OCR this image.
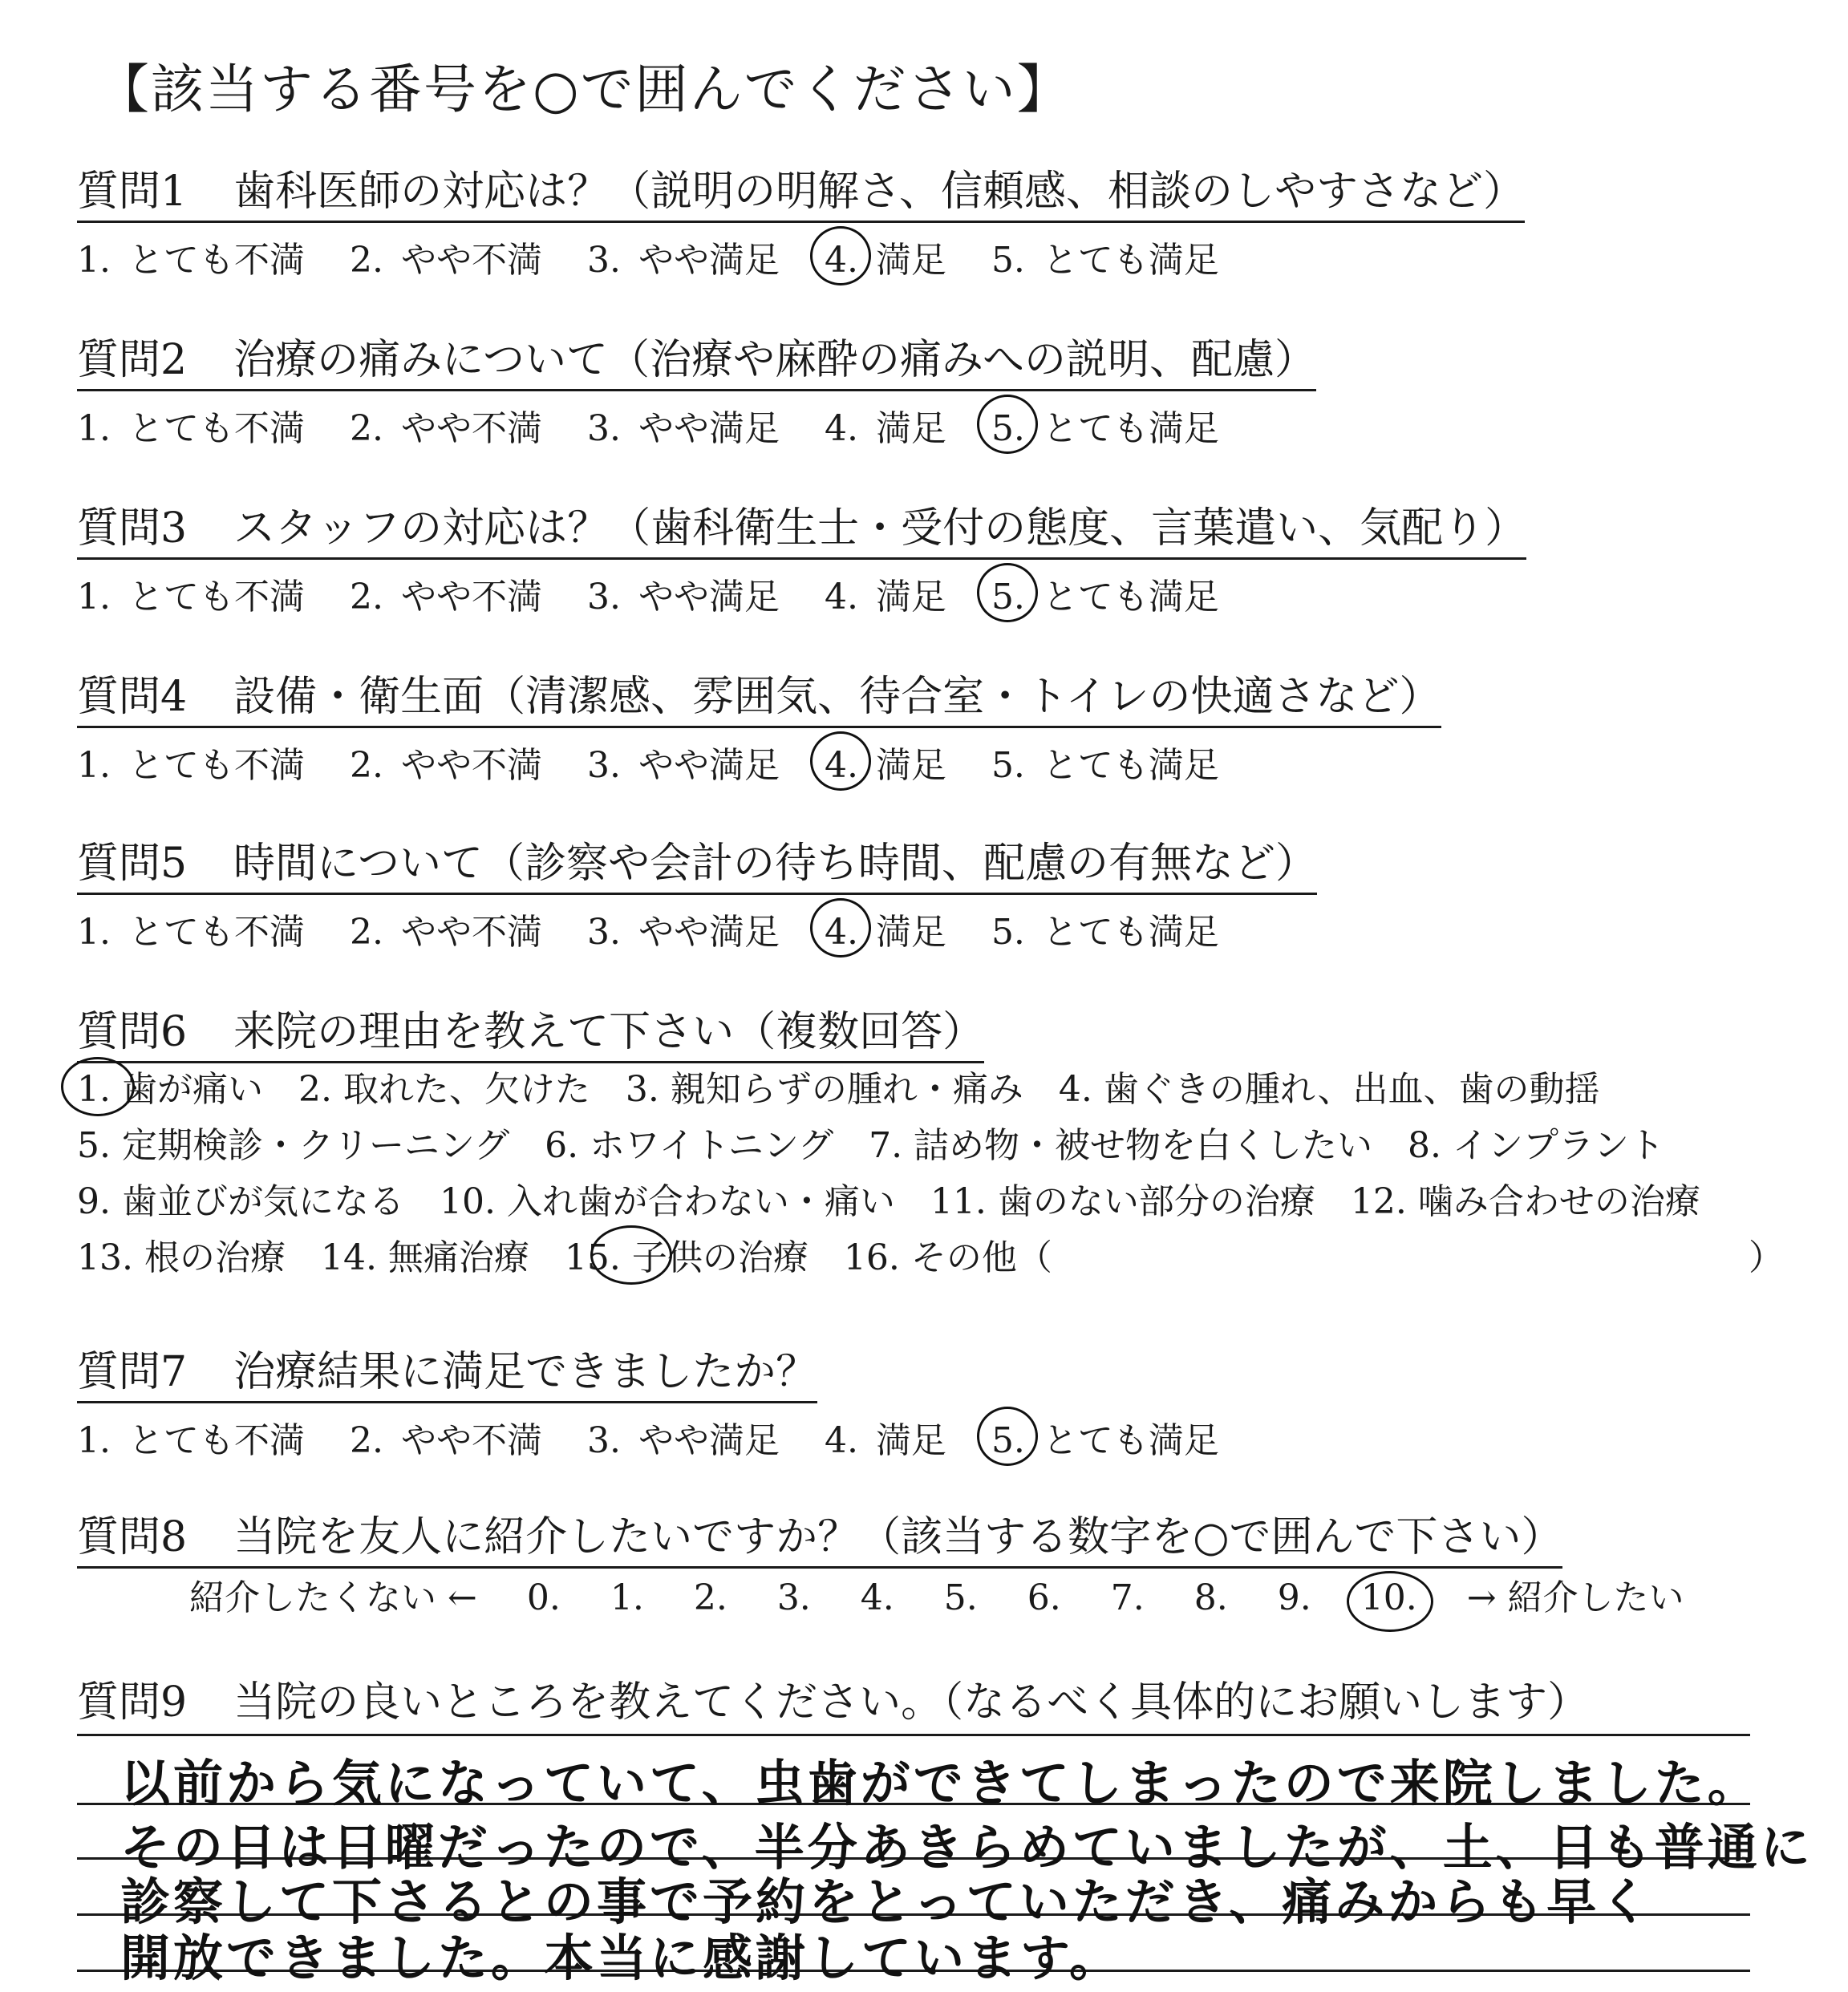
【該当する番号を○で囲んでください】
質問1 歯科医師の対応は？（説明の明解さ、信頼感、相談のしやすさなど）
1. とても不満 2. やや不満 3. やや満足 4. 満足 5. とても満足
質問2 治療の痛みについて（治療や麻酔の痛みへの説明、配慮）
1. とても不満 2. やや不満 3. やや満足 4. 満足 5. とても満足
質問3 スタッフの対応は？（歯科衛生士・受付の態度、言葉遣い、気配り）
1. とても不満 2. やや不満 3. やや満足 4. 満足 5. とても満足
質問4 設備・衛生面（清潔感、雰囲気、待合室・トイレの快適さなど）
1. とても不満 2. やや不満 3. やや満足 4. 満足 5. とても満足
質問5 時間について（診察や会計の待ち時間、配慮の有無など）
1. とても不満 2. やや不満 3. やや満足 4. 満足 5. とても満足
質問6 来院の理由を教えて下さい（複数回答）
1. 歯が痛い　2. 取れた、欠けた　3. 親知らずの腫れ・痛み　4. 歯ぐきの腫れ、出血、歯の動揺
5. 定期検診・クリーニング　6. ホワイトニング　7. 詰め物・被せ物を白くしたい　8. インプラント
9. 歯並びが気になる　10. 入れ歯が合わない・痛い　11. 歯のない部分の治療　12. 噛み合わせの治療
13. 根の治療　14. 無痛治療　15. 子供の治療　16. その他（	）
質問7 治療結果に満足できましたか？
1. とても不満 2. やや不満 3. やや満足 4. 満足 5. とても満足
質問8 当院を友人に紹介したいですか？（該当する数字を○で囲んで下さい）
紹介したくない ← 0. 1. 2. 3. 4. 5. 6. 7. 8. 9. 10. → 紹介したい
質問9 当院の良いところを教えてください。（なるべく具体的にお願いします）
以前から気になっていて、虫歯ができてしまったので来院しました。
その日は日曜だったので、半分あきらめていましたが、土、日も普通に
診察して下さるとの事で予約をとっていただき、痛みからも早く
開放できました。本当に感謝しています。
